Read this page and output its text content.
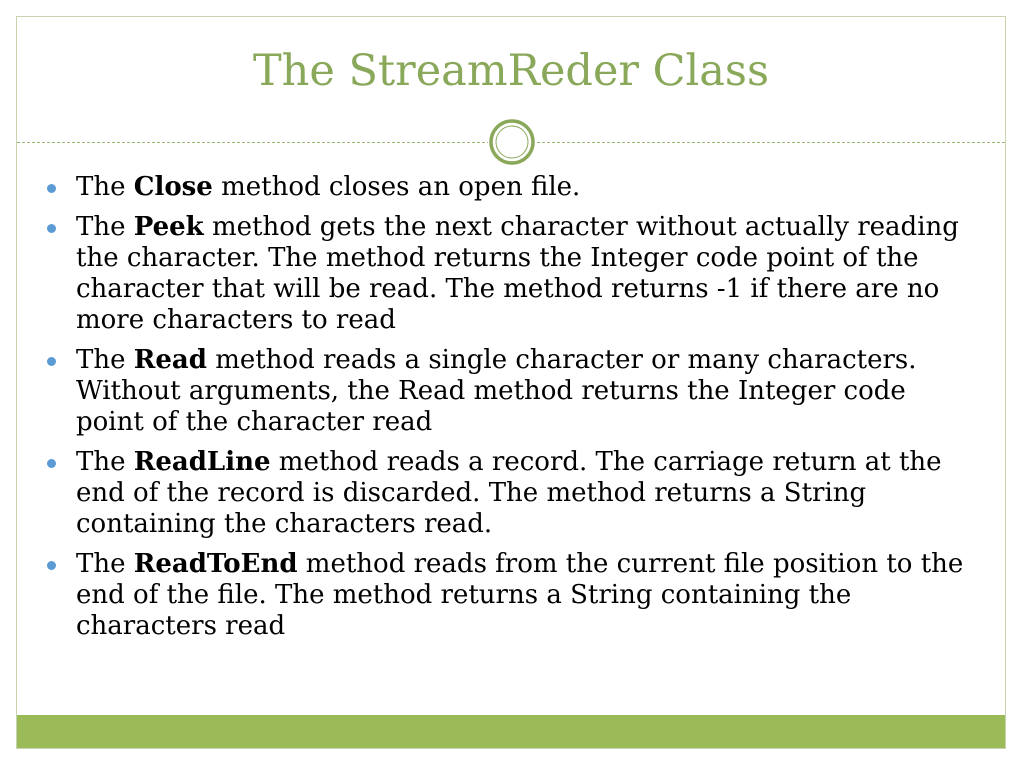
The StreamReder Class
The Close method closes an open file.
The Peek method gets the next character without actually reading the character. The method returns the Integer code point of the character that will be read. The method returns -1 if there are no more characters to read
The Read method reads a single character or many characters. Without arguments, the Read method returns the Integer code point of the character read
The ReadLine method reads a record. The carriage return at the end of the record is discarded. The method returns a String containing the characters read.
The ReadToEnd method reads from the current file position to the end of the file. The method returns a String containing the characters read
